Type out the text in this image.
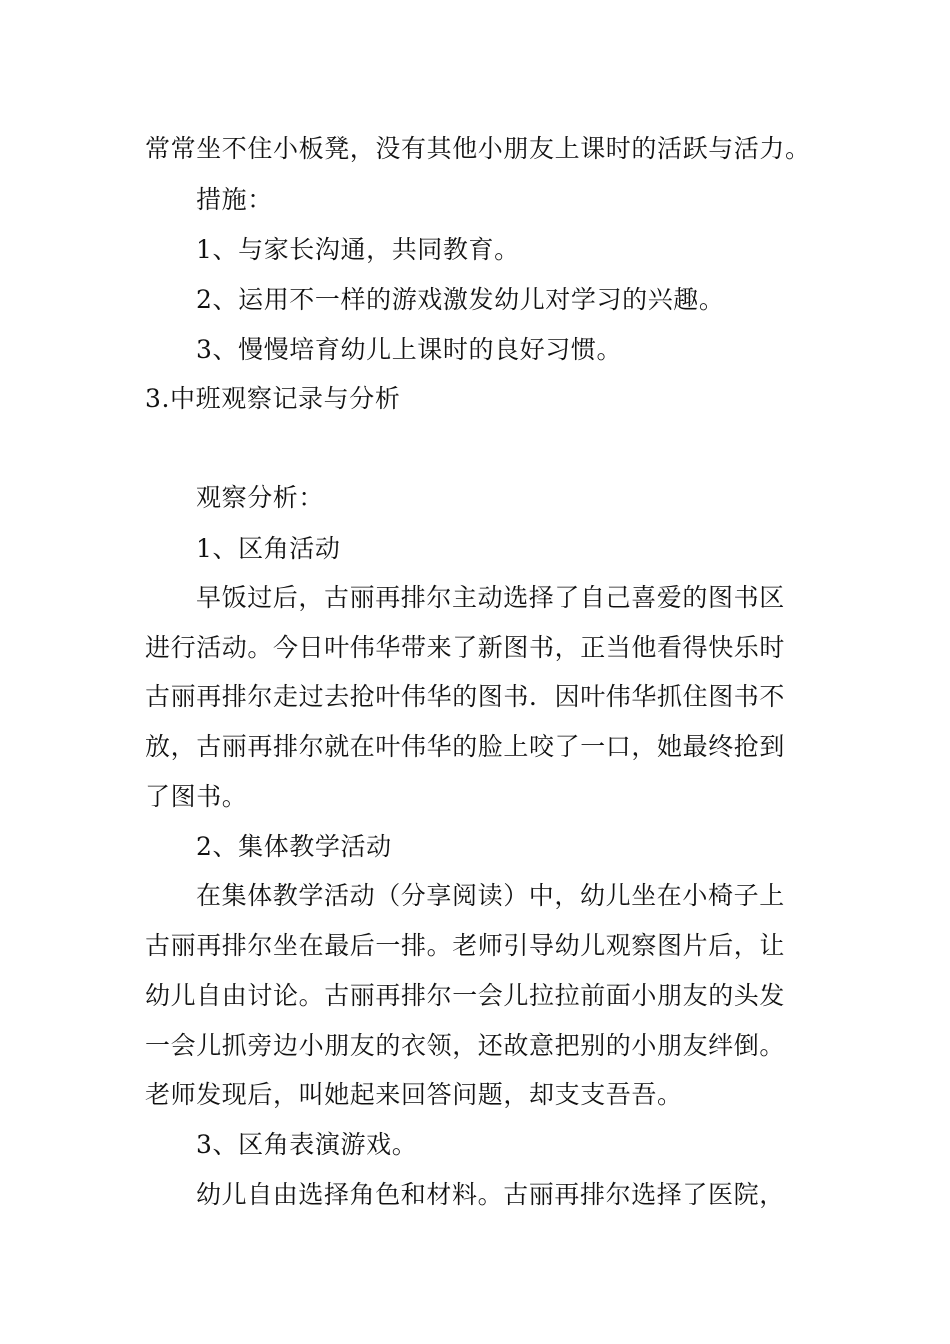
常常坐不住小板凳，没有其他小朋友上课时的活跃与活力。
措施：
1、与家长沟通，共同教育。
2、运用不一样的游戏激发幼儿对学习的兴趣。
3、慢慢培育幼儿上课时的良好习惯。
3.中班观察记录与分析
观察分析：
1、区角活动
早饭过后，古丽再排尔主动选择了自己喜爱的图书区
进行活动。今日叶伟华带来了新图书，正当他看得快乐时
古丽再排尔走过去抢叶伟华的图书．因叶伟华抓住图书不
放，古丽再排尔就在叶伟华的脸上咬了一口，她最终抢到
了图书。
2、集体教学活动
在集体教学活动（分享阅读）中，幼儿坐在小椅子上
古丽再排尔坐在最后一排。老师引导幼儿观察图片后，让
幼儿自由讨论。古丽再排尔一会儿拉拉前面小朋友的头发
一会儿抓旁边小朋友的衣领，还故意把别的小朋友绊倒。
老师发现后，叫她起来回答问题，却支支吾吾。
3、区角表演游戏。
幼儿自由选择角色和材料。古丽再排尔选择了医院，
